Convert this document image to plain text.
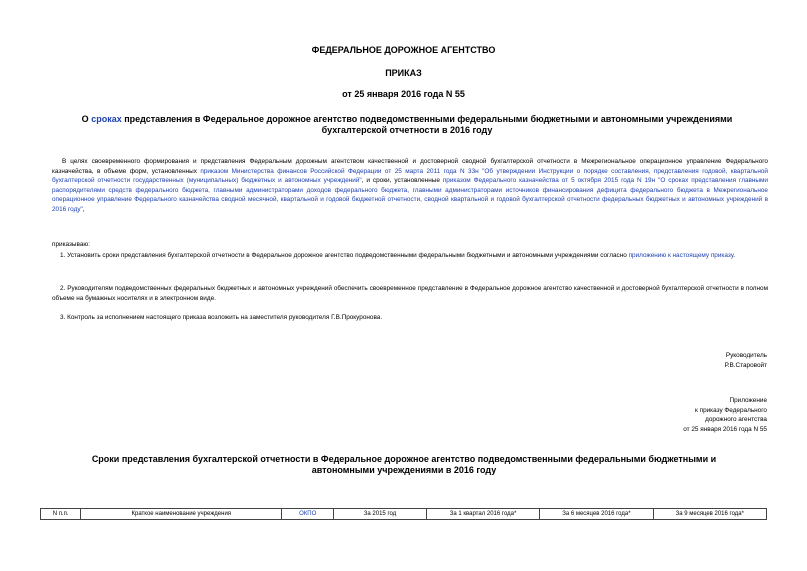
ФЕДЕРАЛЬНОЕ ДОРОЖНОЕ АГЕНТСТВО
ПРИКАЗ
от 25 января 2016 года N 55
О сроках представления в Федеральное дорожное агентство подведомственными федеральными бюджетными и автономными учреждениями бухгалтерской отчетности в 2016 году
В целях своевременного формирования и представления Федеральным дорожным агентством качественной и достоверной сводной бухгалтерской отчетности в Межрегиональное операционное управление Федерального казначейства, в объеме форм, установленных приказом Министерства финансов Российской Федерации от 25 марта 2011 года N 33н "Об утверждении Инструкции о порядке составления, представления годовой, квартальной бухгалтерской отчетности государственных (муниципальных) бюджетных и автономных учреждений", и сроки, установленные приказом Федерального казначейства от 5 октября 2015 года N 19н "О сроках представления главными распорядителями средств федерального бюджета, главными администраторами доходов федерального бюджета, главными администраторами источников финансирования дефицита федерального бюджета в Межрегиональное операционное управление Федерального казначейства сводной месячной, квартальной и годовой бюджетной отчетности, сводной квартальной и годовой бухгалтерской отчетности федеральных бюджетных и автономных учреждений в 2016 году",
приказываю:
1. Установить сроки представления бухгалтерской отчетности в Федеральное дорожное агентство подведомственными федеральными бюджетными и автономными учреждениями согласно приложению к настоящему приказу.
2. Руководителям подведомственных федеральных бюджетных и автономных учреждений обеспечить своевременное представление в Федеральное дорожное агентство качественной и достоверной бухгалтерской отчетности в полном объеме на бумажных носителях и в электронном виде.
3. Контроль за исполнением настоящего приказа возложить на заместителя руководителя Г.В.Прокуронова.
Руководитель
Р.В.Старовойт
Приложение
к приказу Федерального
дорожного агентства
от 25 января 2016 года N 55
Сроки представления бухгалтерской отчетности в Федеральное дорожное агентство подведомственными федеральными бюджетными и автономными учреждениями в 2016 году
N п.п.	Краткое наименование учреждения	ОКПО	За 2015 год	За 1 квартал 2016 года*	За 6 месяцев 2016 года*	За 9 месяцев 2016 года*
